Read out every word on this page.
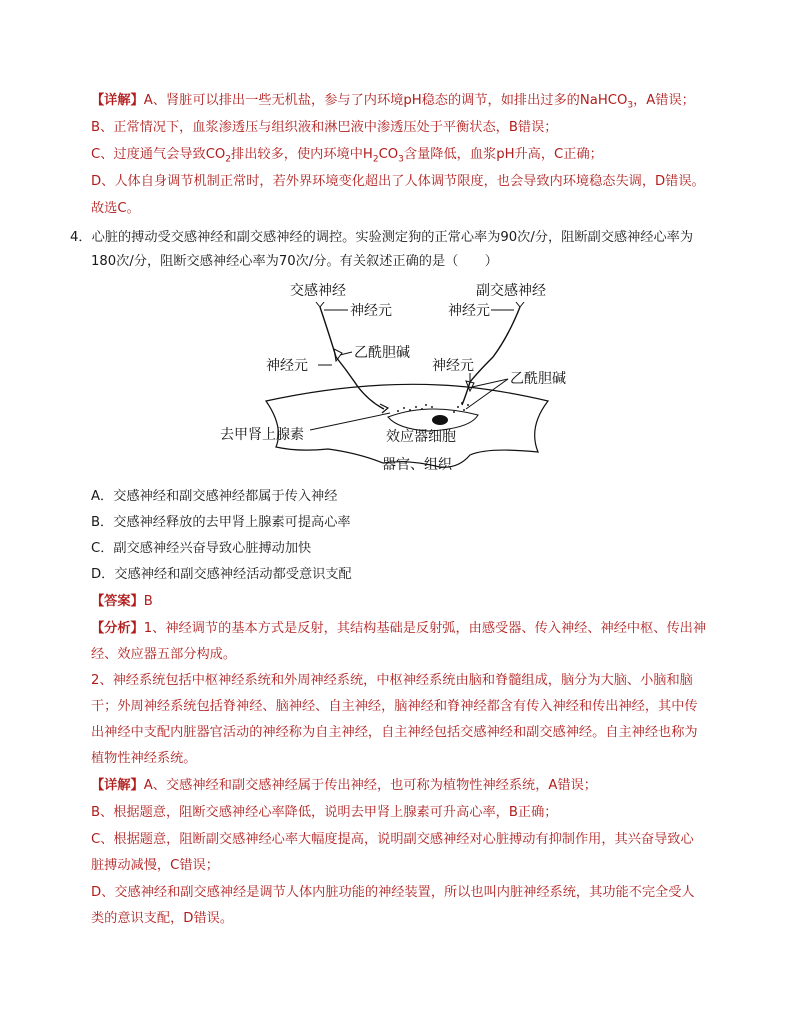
【详解】A、肾脏可以排出一些无机盐，参与了内环境pH稳态的调节，如排出过多的NaHCO$_3$，A错误；
B、正常情况下，血浆渗透压与组织液和淋巴液中渗透压处于平衡状态，B错误；
C、过度通气会导致$CO_2$排出较多，使内环境中$H_2CO_3$含量降低，血浆pH升高，C正确；
D、人体自身调节机制正常时，若外界环境变化超出了人体调节限度，也会导致内环境稳态失调，D错误。
故选C。
4．心脏的搏动受交感神经和副交感神经的调控。实验测定狗的正常心率为90次/分，阻断副交感神经心率为
180次/分，阻断交感神经心率为70次/分。有关叙述正确的是（　　）
交感神经	副交感神经
神经元	神经元
乙酰胆碱
神经元	神经元
乙酰胆碱
去甲肾上腺素	效应器细胞
器官、组织
A．交感神经和副交感神经都属于传入神经
B．交感神经释放的去甲肾上腺素可提高心率
C．副交感神经兴奋导致心脏搏动加快
D．交感神经和副交感神经活动都受意识支配
【答案】B
【分析】1、神经调节的基本方式是反射，其结构基础是反射弧，由感受器、传入神经、神经中枢、传出神
经、效应器五部分构成。
2、神经系统包括中枢神经系统和外周神经系统，中枢神经系统由脑和脊髓组成，脑分为大脑、小脑和脑
干；外周神经系统包括脊神经、脑神经、自主神经，脑神经和脊神经都含有传入神经和传出神经，其中传
出神经中支配内脏器官活动的神经称为自主神经，自主神经包括交感神经和副交感神经。自主神经也称为
植物性神经系统。
【详解】A、交感神经和副交感神经属于传出神经，也可称为植物性神经系统，A错误；
B、根据题意，阻断交感神经心率降低，说明去甲肾上腺素可升高心率，B正确；
C、根据题意，阻断副交感神经心率大幅度提高，说明副交感神经对心脏搏动有抑制作用，其兴奋导致心
脏搏动减慢，C错误；
D、交感神经和副交感神经是调节人体内脏功能的神经装置，所以也叫内脏神经系统，其功能不完全受人
类的意识支配，D错误。
